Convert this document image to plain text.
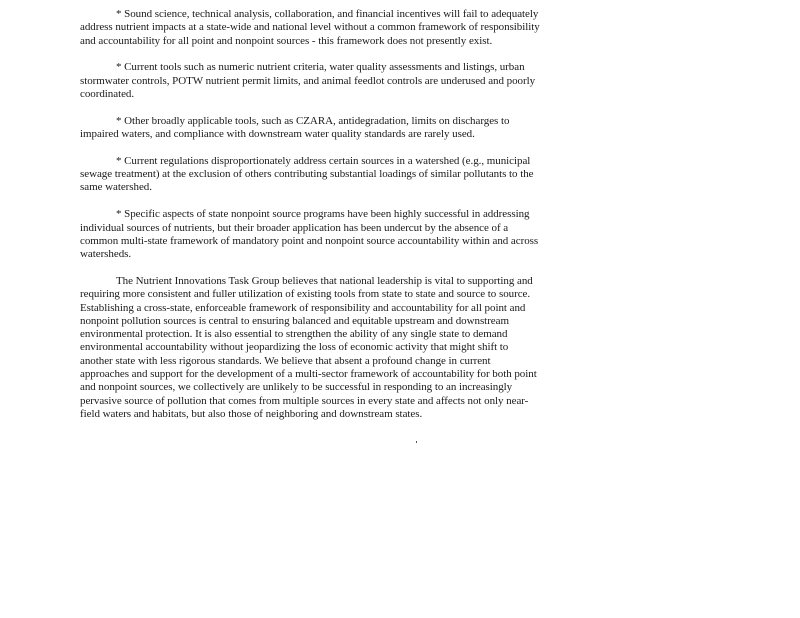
* Sound science, technical analysis, collaboration, and financial incentives will fail to adequately address nutrient impacts at a state-wide and national level without a common framework of responsibility and accountability for all point and nonpoint sources - this framework does not presently exist.

* Current tools such as numeric nutrient criteria, water quality assessments and listings, urban stormwater controls, POTW nutrient permit limits, and animal feedlot controls are underused and poorly coordinated.

* Other broadly applicable tools, such as CZARA, antidegradation, limits on discharges to impaired waters, and compliance with downstream water quality standards are rarely used.

* Current regulations disproportionately address certain sources in a watershed (e.g., municipal sewage treatment) at the exclusion of others contributing substantial loadings of similar pollutants to the same watershed.

* Specific aspects of state nonpoint source programs have been highly successful in addressing individual sources of nutrients, but their broader application has been undercut by the absence of a common multi-state framework of mandatory point and nonpoint source accountability within and across watersheds.

The Nutrient Innovations Task Group believes that national leadership is vital to supporting and requiring more consistent and fuller utilization of existing tools from state to state and source to source. Establishing a cross-state, enforceable framework of responsibility and accountability for all point and nonpoint pollution sources is central to ensuring balanced and equitable upstream and downstream environmental protection. It is also essential to strengthen the ability of any single state to demand environmental accountability without jeopardizing the loss of economic activity that might shift to another state with less rigorous standards. We believe that absent a profound change in current approaches and support for the development of a multi-sector framework of accountability for both point and nonpoint sources, we collectively are unlikely to be successful in responding to an increasingly pervasive source of pollution that comes from multiple sources in every state and affects not only near-field waters and habitats, but also those of neighboring and downstream states.
